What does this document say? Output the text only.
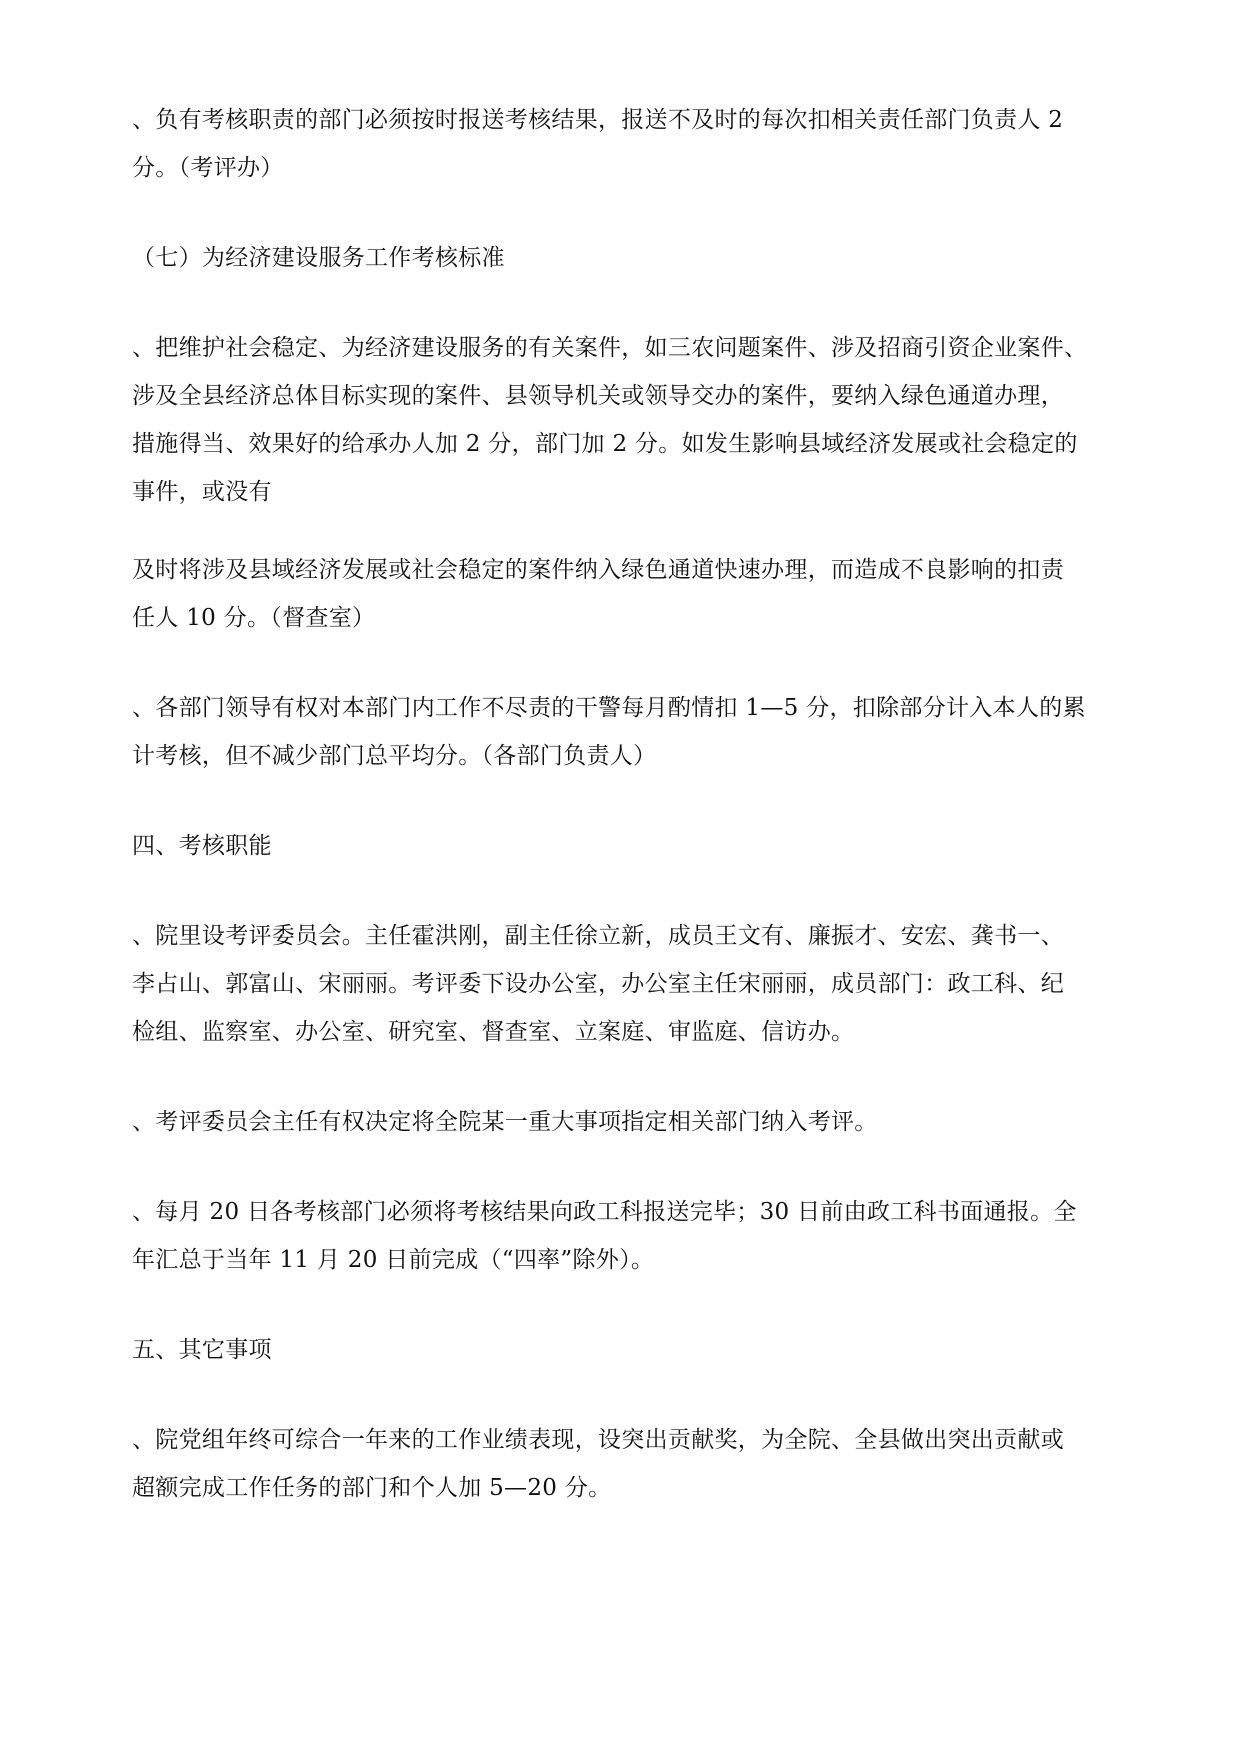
、负有考核职责的部门必须按时报送考核结果，报送不及时的每次扣相关责任部门负责人 2
分。（考评办）

（七）为经济建设服务工作考核标准

、把维护社会稳定、为经济建设服务的有关案件，如三农问题案件、涉及招商引资企业案件、
涉及全县经济总体目标实现的案件、县领导机关或领导交办的案件，要纳入绿色通道办理，
措施得当、效果好的给承办人加 2 分，部门加 2 分。如发生影响县域经济发展或社会稳定的
事件，或没有

及时将涉及县域经济发展或社会稳定的案件纳入绿色通道快速办理，而造成不良影响的扣责
任人 10 分。（督查室）

、各部门领导有权对本部门内工作不尽责的干警每月酌情扣 1—5 分，扣除部分计入本人的累
计考核，但不减少部门总平均分。（各部门负责人）

四、考核职能

、院里设考评委员会。主任霍洪刚，副主任徐立新，成员王文有、廉振才、安宏、龚书一、
李占山、郭富山、宋丽丽。考评委下设办公室，办公室主任宋丽丽，成员部门：政工科、纪
检组、监察室、办公室、研究室、督查室、立案庭、审监庭、信访办。

、考评委员会主任有权决定将全院某一重大事项指定相关部门纳入考评。

、每月 20 日各考核部门必须将考核结果向政工科报送完毕；30 日前由政工科书面通报。全
年汇总于当年 11 月 20 日前完成（“四率”除外）。

五、其它事项

、院党组年终可综合一年来的工作业绩表现，设突出贡献奖，为全院、全县做出突出贡献或
超额完成工作任务的部门和个人加 5—20 分。
